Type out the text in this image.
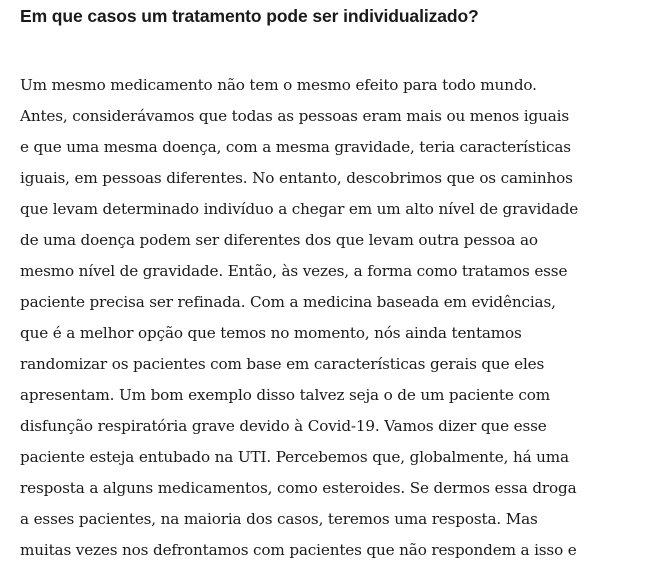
Em que casos um tratamento pode ser individualizado?
Um mesmo medicamento não tem o mesmo efeito para todo mundo.
Antes, considerávamos que todas as pessoas eram mais ou menos iguais
e que uma mesma doença, com a mesma gravidade, teria características
iguais, em pessoas diferentes. No entanto, descobrimos que os caminhos
que levam determinado indivíduo a chegar em um alto nível de gravidade
de uma doença podem ser diferentes dos que levam outra pessoa ao
mesmo nível de gravidade. Então, às vezes, a forma como tratamos esse
paciente precisa ser refinada. Com a medicina baseada em evidências,
que é a melhor opção que temos no momento, nós ainda tentamos
randomizar os pacientes com base em características gerais que eles
apresentam. Um bom exemplo disso talvez seja o de um paciente com
disfunção respiratória grave devido à Covid-19. Vamos dizer que esse
paciente esteja entubado na UTI. Percebemos que, globalmente, há uma
resposta a alguns medicamentos, como esteroides. Se dermos essa droga
a esses pacientes, na maioria dos casos, teremos uma resposta. Mas
muitas vezes nos defrontamos com pacientes que não respondem a isso e
